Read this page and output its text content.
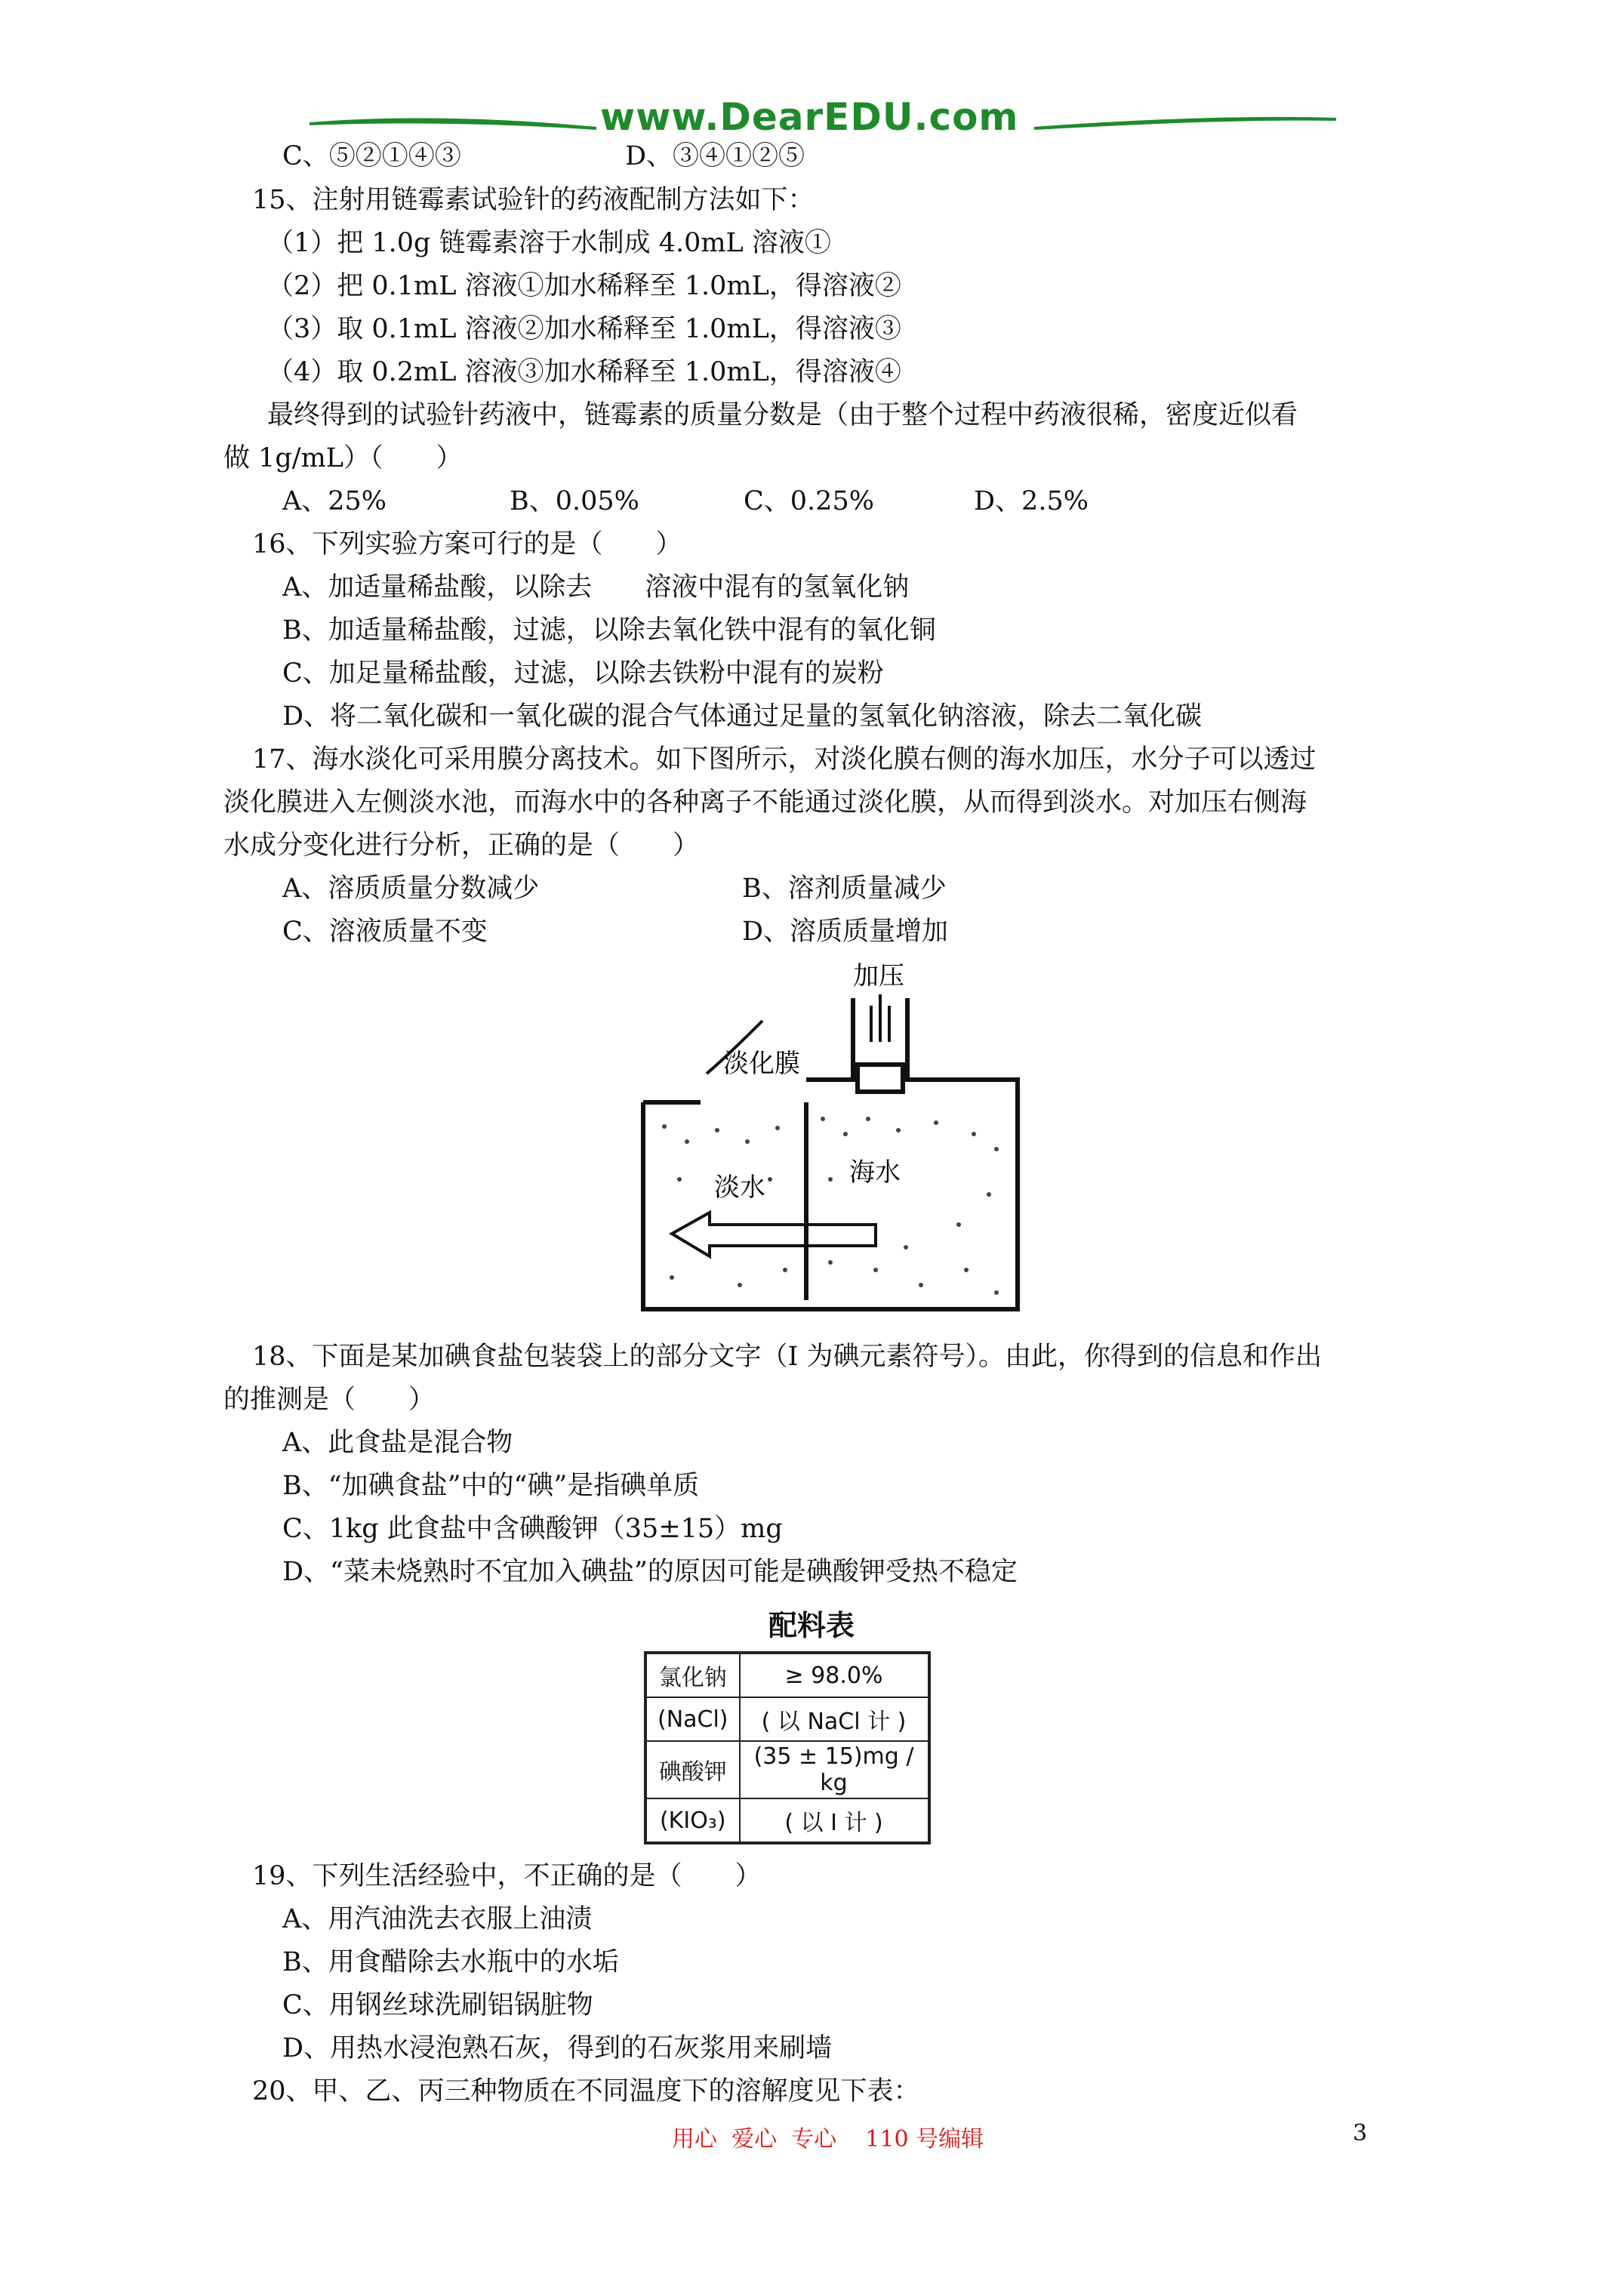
www.DearEDU.com
C、⑤②①④③	D、③④①②⑤
15、注射用链霉素试验针的药液配制方法如下：
（1）把 1.0g 链霉素溶于水制成 4.0mL 溶液①
（2）把 0.1mL 溶液①加水稀释至 1.0mL，得溶液②
（3）取 0.1mL 溶液②加水稀释至 1.0mL，得溶液③
（4）取 0.2mL 溶液③加水稀释至 1.0mL，得溶液④
最终得到的试验针药液中，链霉素的质量分数是（由于整个过程中药液很稀，密度近似看
做 1g/mL）（　　）
A、25%	B、0.05%	C、0.25%	D、2.5%
16、下列实验方案可行的是（　　）
A、加适量稀盐酸，以除去　　溶液中混有的氢氧化钠
B、加适量稀盐酸，过滤，以除去氧化铁中混有的氧化铜
C、加足量稀盐酸，过滤，以除去铁粉中混有的炭粉
D、将二氧化碳和一氧化碳的混合气体通过足量的氢氧化钠溶液，除去二氧化碳
17、海水淡化可采用膜分离技术。如下图所示，对淡化膜右侧的海水加压，水分子可以透过
淡化膜进入左侧淡水池，而海水中的各种离子不能通过淡化膜，从而得到淡水。对加压右侧海
水成分变化进行分析，正确的是（　　）
A、溶质质量分数减少	B、溶剂质量减少
C、溶液质量不变	D、溶质质量增加
加压
淡化膜
淡水	海水
18、下面是某加碘食盐包装袋上的部分文字（I 为碘元素符号）。由此，你得到的信息和作出
的推测是（　　）
A、此食盐是混合物
B、“加碘食盐”中的“碘”是指碘单质
C、1kg 此食盐中含碘酸钾（35±15）mg
D、“菜未烧熟时不宜加入碘盐”的原因可能是碘酸钾受热不稳定
配料表
氯化钠	≥ 98.0%
(NaCl)	( 以 NaCl 计 )
碘酸钾	(35 ± 15)mg / kg
(KIO₃)	( 以 I 计 )
19、下列生活经验中，不正确的是（　　）
A、用汽油洗去衣服上油渍
B、用食醋除去水瓶中的水垢
C、用钢丝球洗刷铝锅脏物
D、用热水浸泡熟石灰，得到的石灰浆用来刷墙
20、甲、乙、丙三种物质在不同温度下的溶解度见下表：
用心  爱心  专心    110 号编辑	3
